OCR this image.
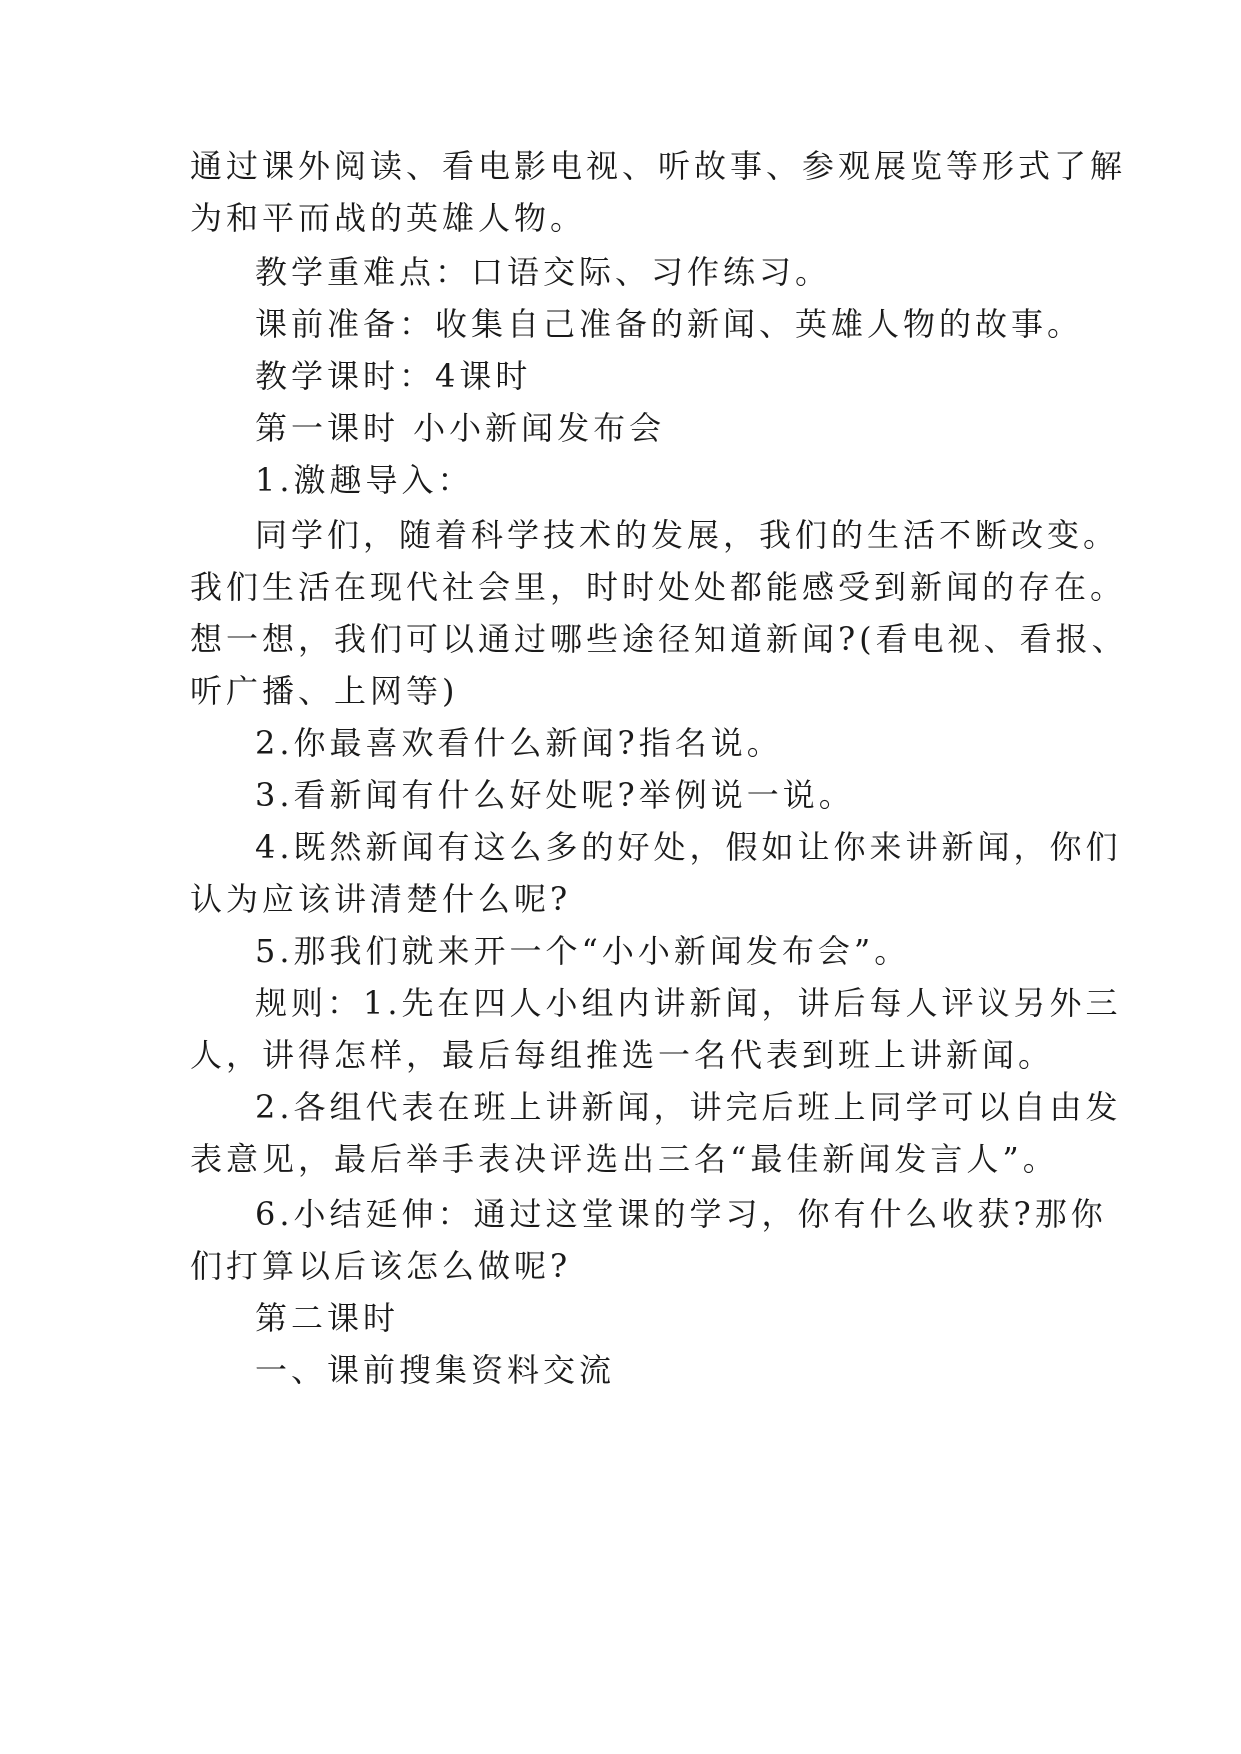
通过课外阅读、看电影电视、听故事、参观展览等形式了解
为和平而战的英雄人物。
教学重难点：口语交际、习作练习。
课前准备：收集自己准备的新闻、英雄人物的故事。
教学课时：4课时
第一课时 小小新闻发布会
1.激趣导入：
同学们，随着科学技术的发展，我们的生活不断改变。
我们生活在现代社会里，时时处处都能感受到新闻的存在。
想一想，我们可以通过哪些途径知道新闻?(看电视、看报、
听广播、上网等)
2.你最喜欢看什么新闻?指名说。
3.看新闻有什么好处呢?举例说一说。
4.既然新闻有这么多的好处，假如让你来讲新闻，你们
认为应该讲清楚什么呢?
5.那我们就来开一个“小小新闻发布会”。
规则：1.先在四人小组内讲新闻，讲后每人评议另外三
人，讲得怎样，最后每组推选一名代表到班上讲新闻。
2.各组代表在班上讲新闻，讲完后班上同学可以自由发
表意见，最后举手表决评选出三名“最佳新闻发言人”。
6.小结延伸：通过这堂课的学习，你有什么收获?那你
们打算以后该怎么做呢?
第二课时
一、课前搜集资料交流
